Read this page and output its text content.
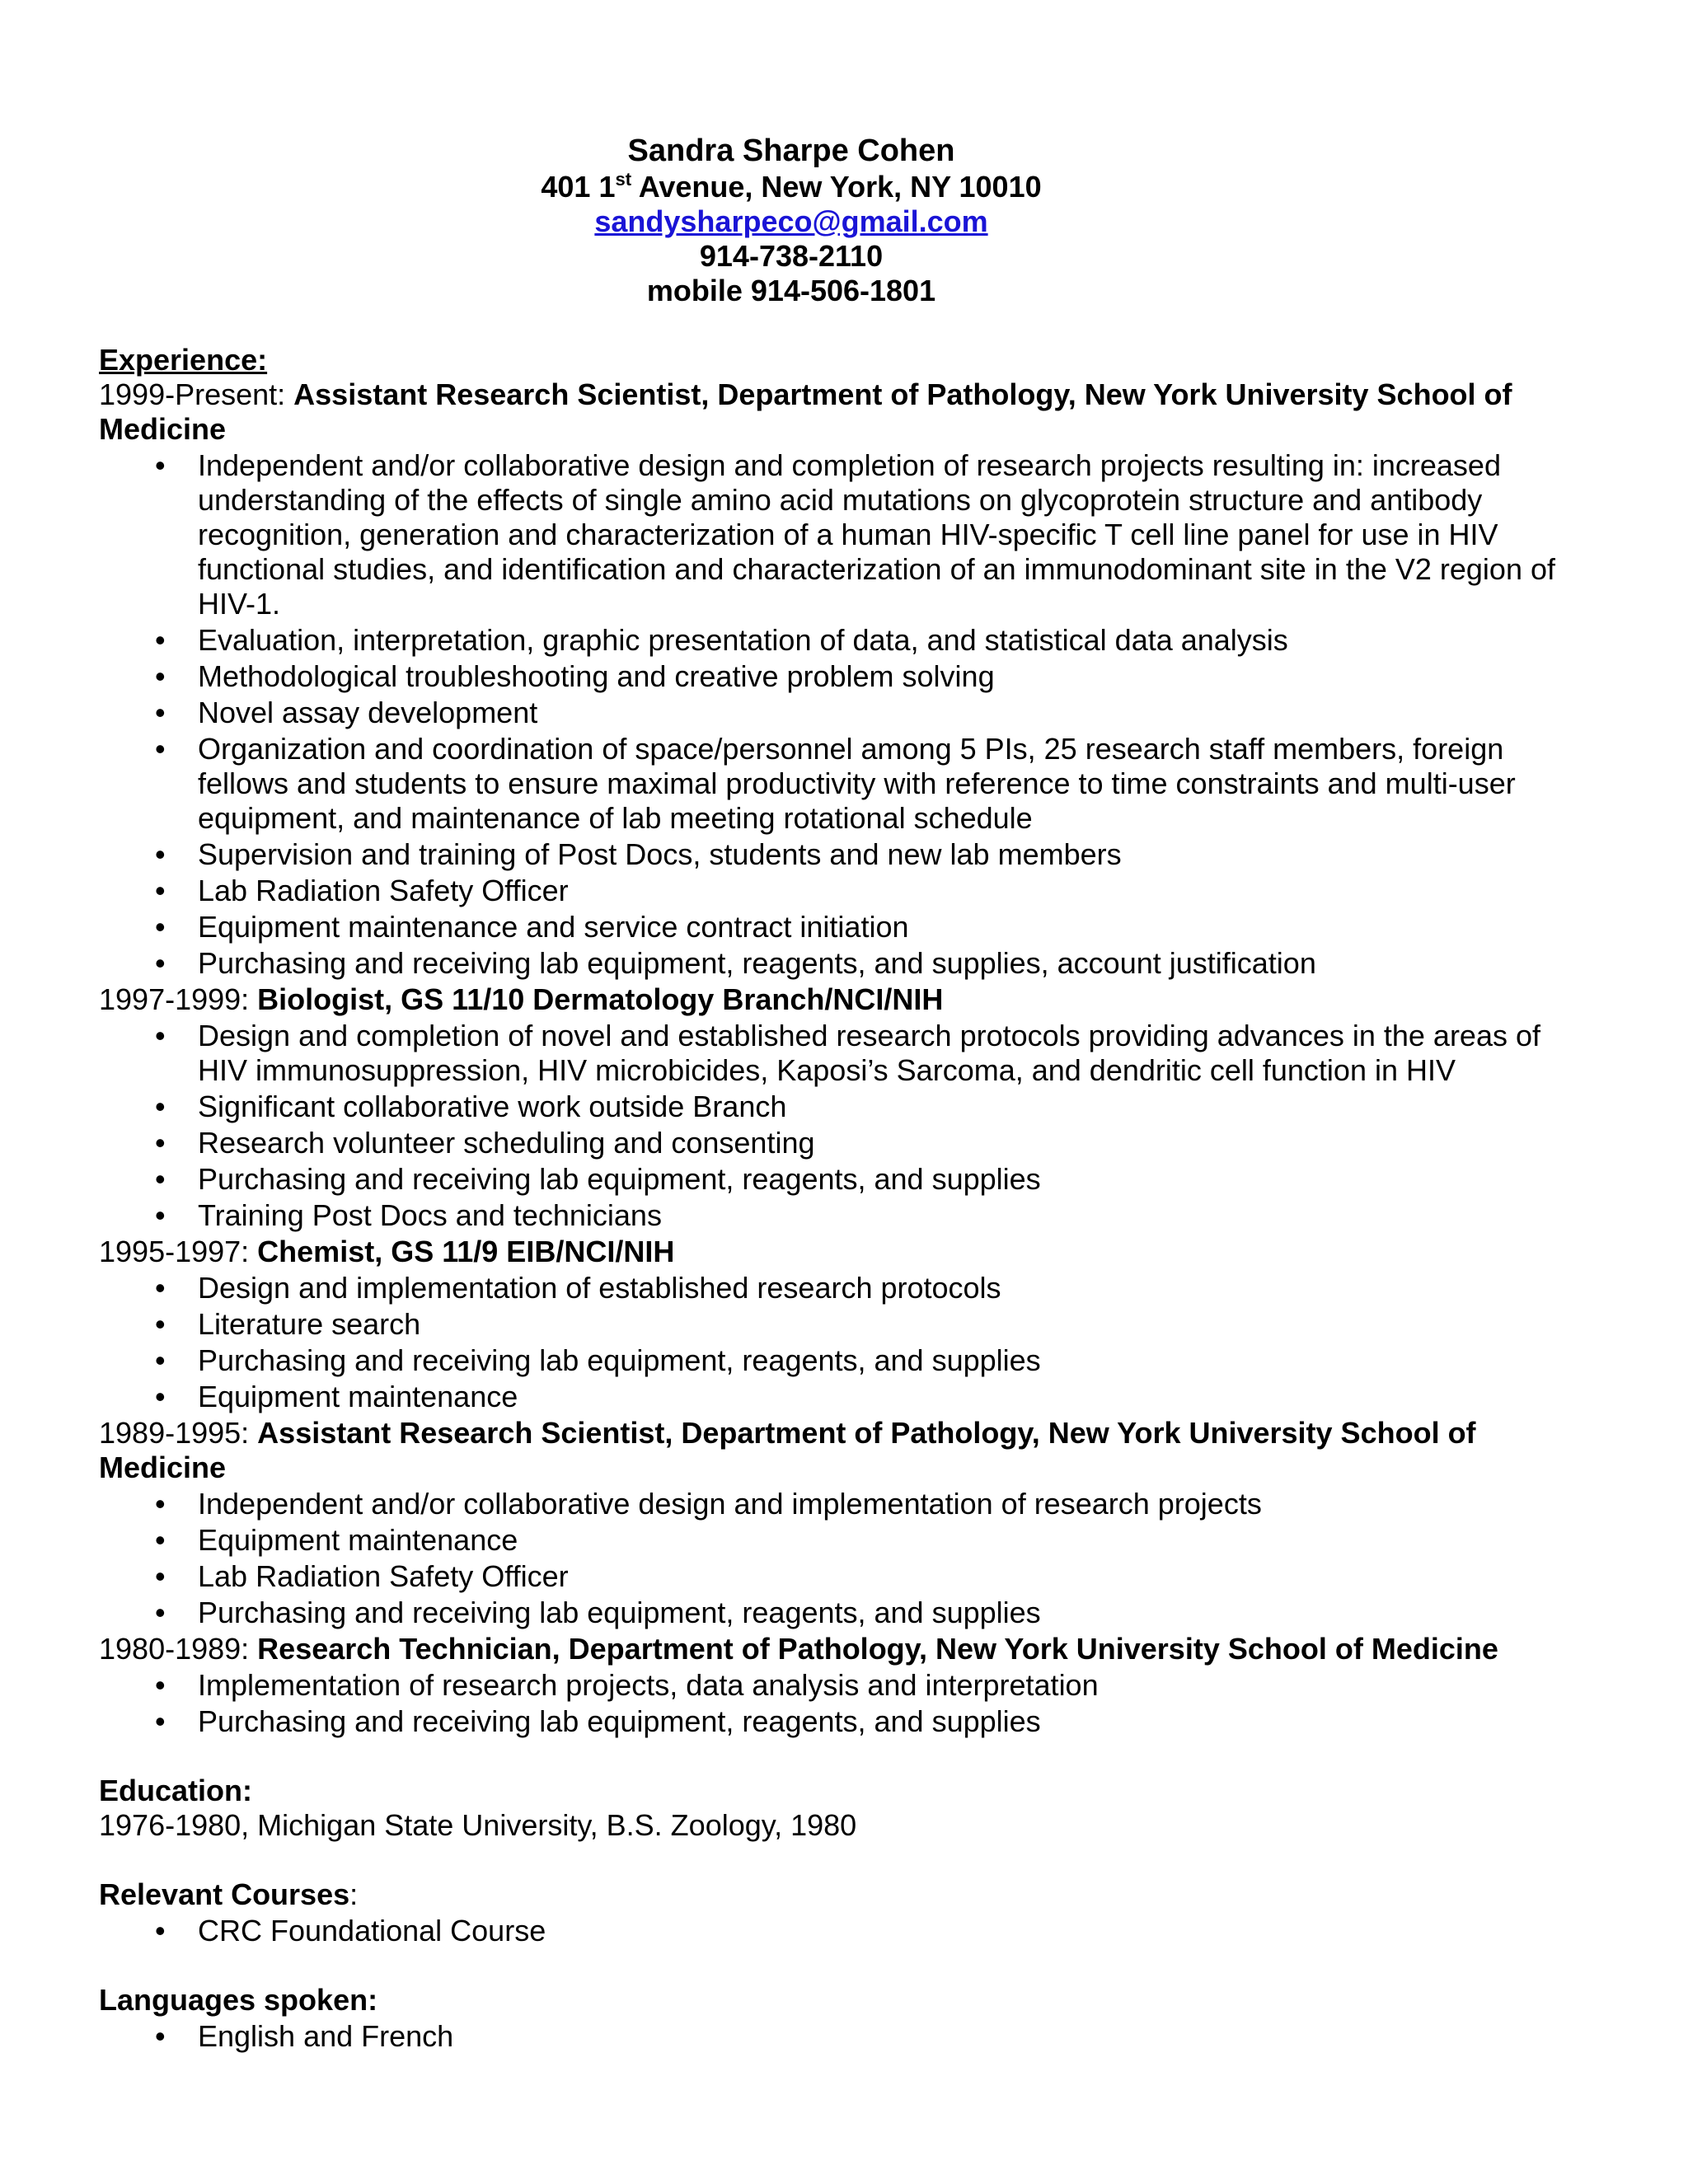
Sandra Sharpe Cohen
401 1st Avenue, New York, NY 10010
sandysharpeco@gmail.com
914-738-2110
mobile 914-506-1801
Experience:
1999-Present: Assistant Research Scientist, Department of Pathology, New York University School of Medicine
• Independent and/or collaborative design and completion of research projects resulting in: increased understanding of the effects of single amino acid mutations on glycoprotein structure and antibody recognition, generation and characterization of a human HIV-specific T cell line panel for use in HIV functional studies, and identification and characterization of an immunodominant site in the V2 region of HIV-1.
• Evaluation, interpretation, graphic presentation of data, and statistical data analysis
• Methodological troubleshooting and creative problem solving
• Novel assay development
• Organization and coordination of space/personnel among 5 PIs, 25 research staff members, foreign fellows and students to ensure maximal productivity with reference to time constraints and multi-user equipment, and maintenance of lab meeting rotational schedule
• Supervision and training of Post Docs, students and new lab members
• Lab Radiation Safety Officer
• Equipment maintenance and service contract initiation
• Purchasing and receiving lab equipment, reagents, and supplies, account justification
1997-1999: Biologist, GS 11/10 Dermatology Branch/NCI/NIH
• Design and completion of novel and established research protocols providing advances in the areas of HIV immunosuppression, HIV microbicides, Kaposi’s Sarcoma, and dendritic cell function in HIV
• Significant collaborative work outside Branch
• Research volunteer scheduling and consenting
• Purchasing and receiving lab equipment, reagents, and supplies
• Training Post Docs and technicians
1995-1997: Chemist, GS 11/9 EIB/NCI/NIH
• Design and implementation of established research protocols
• Literature search
• Purchasing and receiving lab equipment, reagents, and supplies
• Equipment maintenance
1989-1995: Assistant Research Scientist, Department of Pathology, New York University School of Medicine
• Independent and/or collaborative design and implementation of research projects
• Equipment maintenance
• Lab Radiation Safety Officer
• Purchasing and receiving lab equipment, reagents, and supplies
1980-1989: Research Technician, Department of Pathology, New York University School of Medicine
• Implementation of research projects, data analysis and interpretation
• Purchasing and receiving lab equipment, reagents, and supplies
Education:
1976-1980, Michigan State University, B.S. Zoology, 1980
Relevant Courses:
• CRC Foundational Course
Languages spoken:
• English and French
